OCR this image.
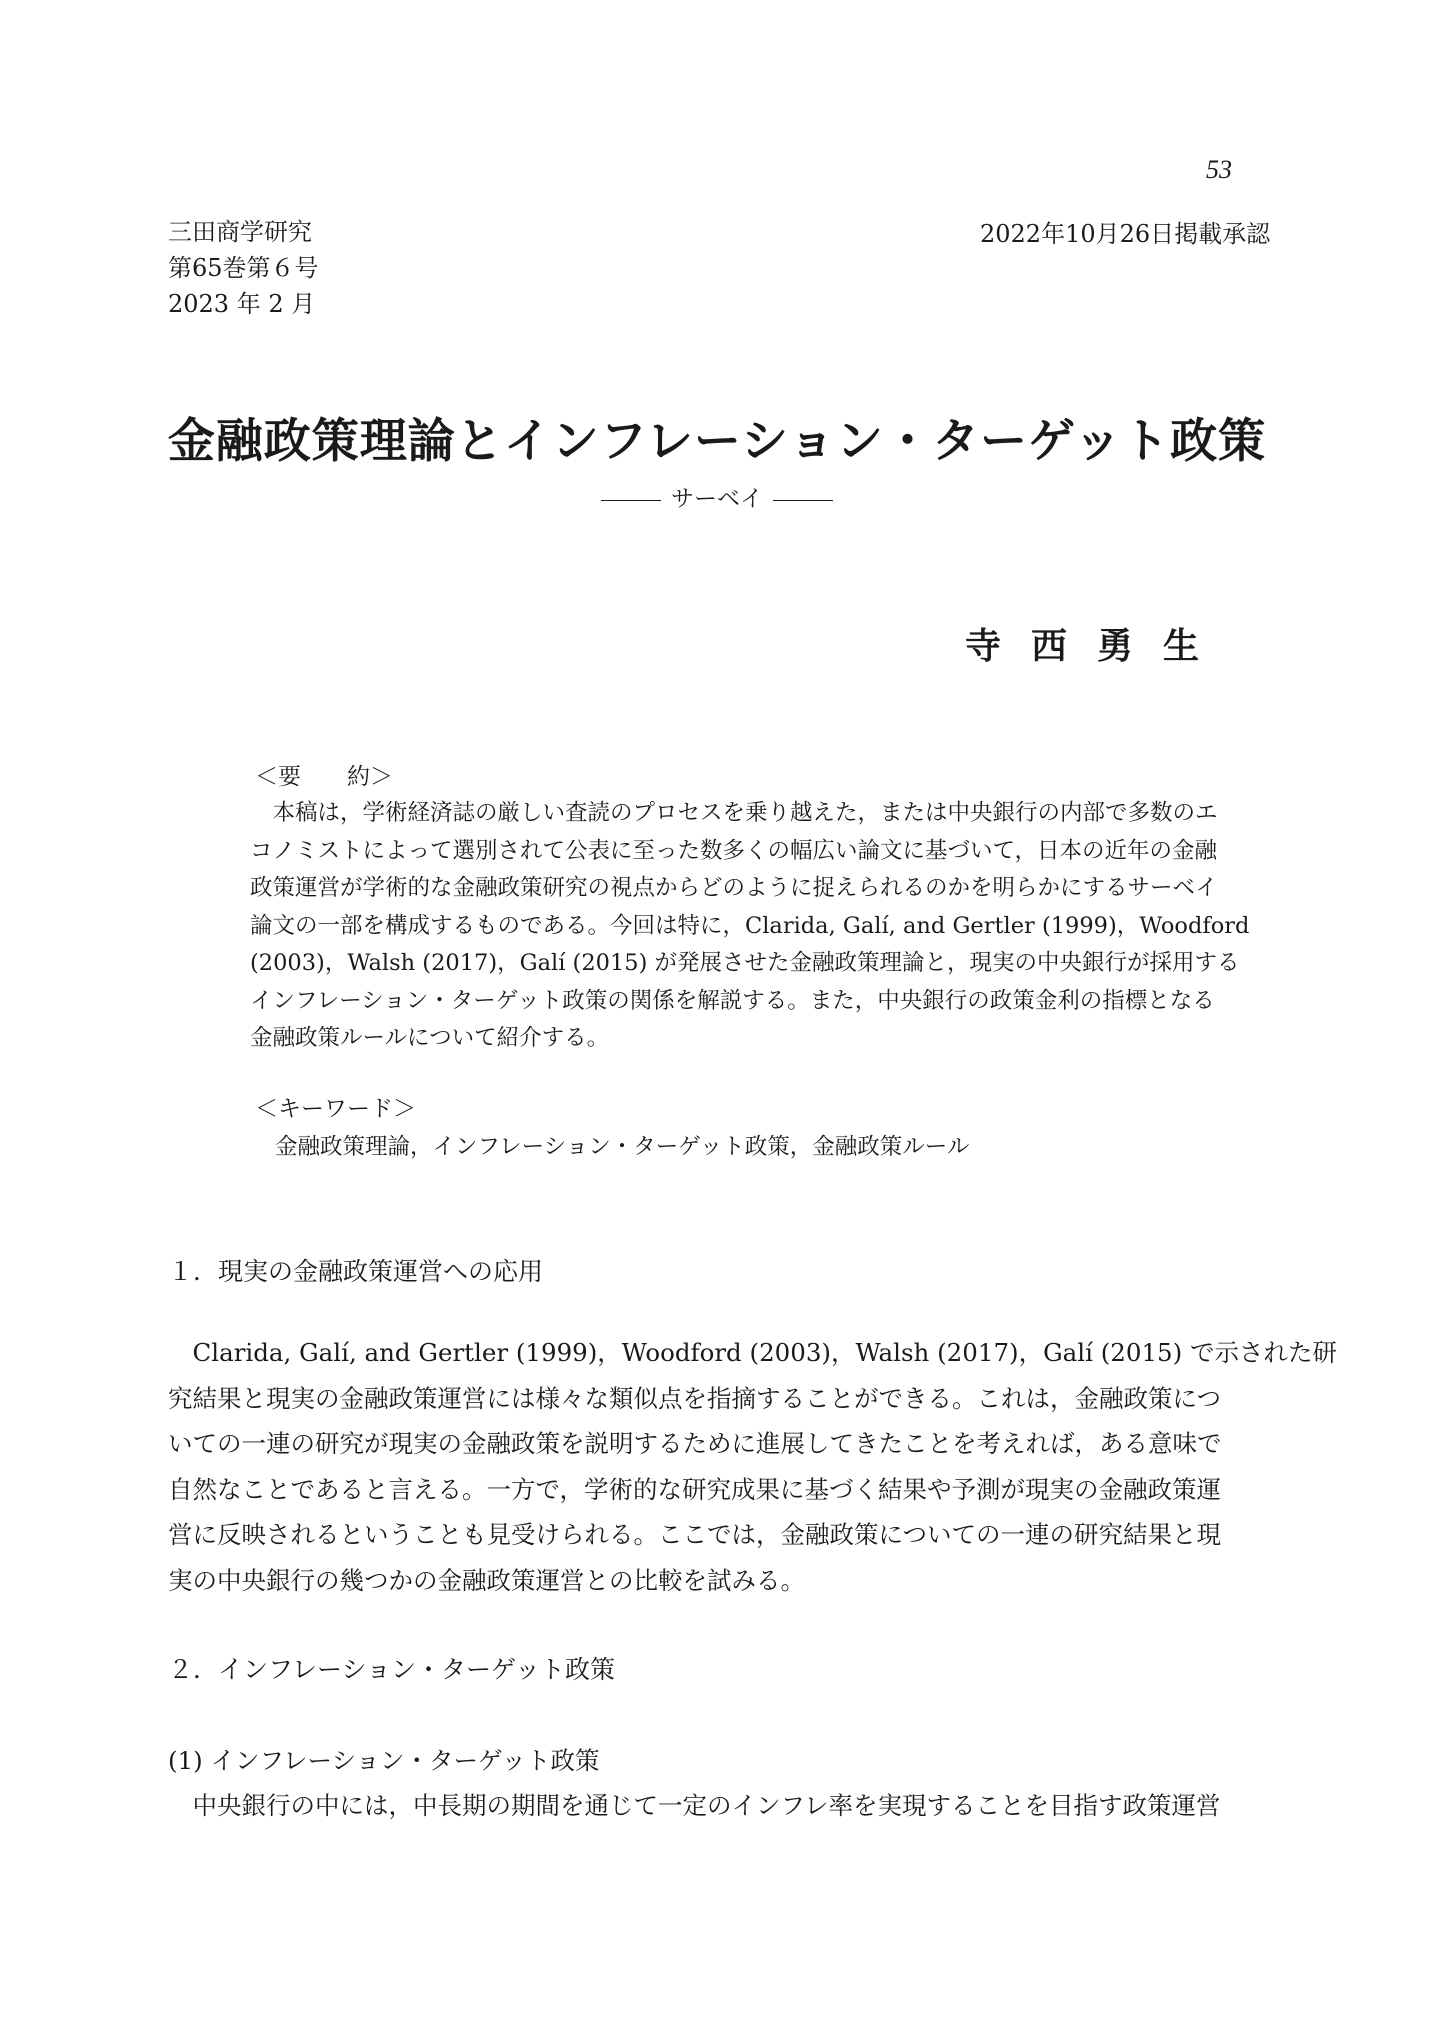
53
三田商学研究
第65巻第６号
2023 年 2 月
2022年10月26日掲載承認
金融政策理論とインフレーション・ターゲット政策
サーベイ
寺西勇生
＜要　　約＞
　本稿は，学術経済誌の厳しい査読のプロセスを乗り越えた，または中央銀行の内部で多数のエ
コノミストによって選別されて公表に至った数多くの幅広い論文に基づいて，日本の近年の金融
政策運営が学術的な金融政策研究の視点からどのように捉えられるのかを明らかにするサーベイ
論文の一部を構成するものである。今回は特に，Clarida, Galí, and Gertler (1999)，Woodford
(2003)，Walsh (2017)，Galí (2015) が発展させた金融政策理論と，現実の中央銀行が採用する
インフレーション・ターゲット政策の関係を解説する。また，中央銀行の政策金利の指標となる
金融政策ルールについて紹介する。
＜キーワード＞
金融政策理論，インフレーション・ターゲット政策，金融政策ルール
１．現実の金融政策運営への応用
　Clarida, Galí, and Gertler (1999)，Woodford (2003)，Walsh (2017)，Galí (2015) で示された研
究結果と現実の金融政策運営には様々な類似点を指摘することができる。これは，金融政策につ
いての一連の研究が現実の金融政策を説明するために進展してきたことを考えれば，ある意味で
自然なことであると言える。一方で，学術的な研究成果に基づく結果や予測が現実の金融政策運
営に反映されるということも見受けられる。ここでは，金融政策についての一連の研究結果と現
実の中央銀行の幾つかの金融政策運営との比較を試みる。
２．インフレーション・ターゲット政策
(1) インフレーション・ターゲット政策
　中央銀行の中には，中長期の期間を通じて一定のインフレ率を実現することを目指す政策運営
